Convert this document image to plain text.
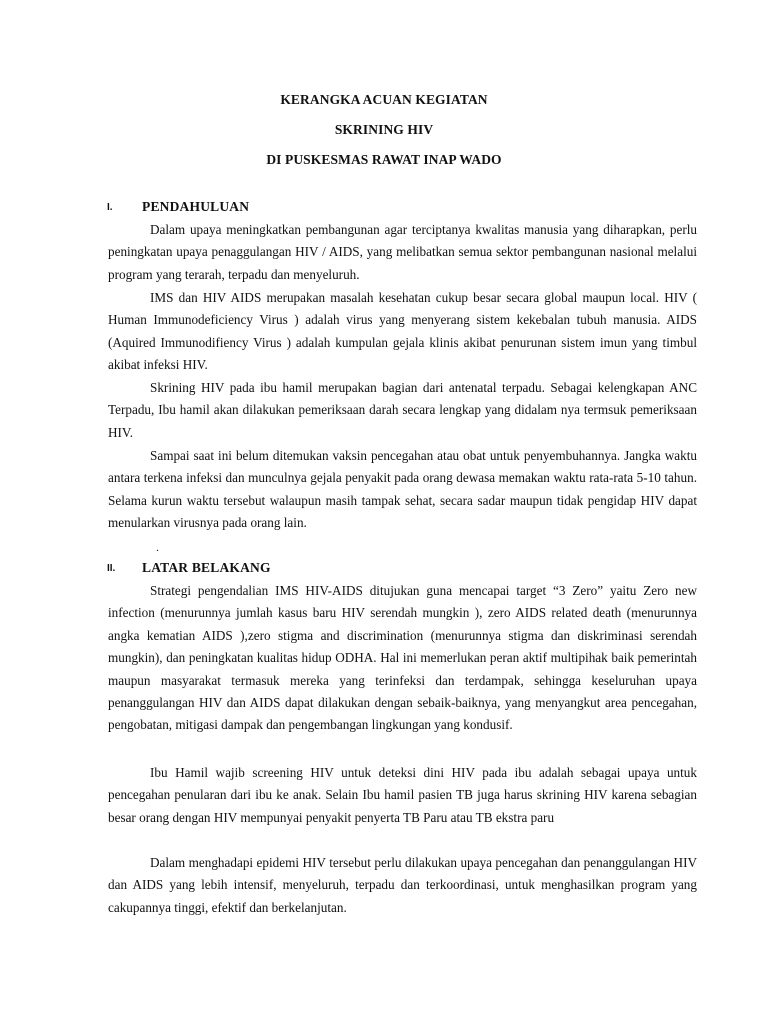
KERANGKA ACUAN KEGIATAN
SKRINING HIV
DI PUSKESMAS RAWAT INAP WADO
I. PENDAHULUAN

Dalam upaya meningkatkan pembangunan agar terciptanya kwalitas manusia yang diharapkan, perlu peningkatan upaya penaggulangan HIV / AIDS, yang melibatkan semua sektor pembangunan nasional melalui program yang terarah, terpadu dan menyeluruh.

IMS dan HIV AIDS merupakan masalah kesehatan cukup besar secara global maupun local. HIV ( Human Immunodeficiency Virus ) adalah virus yang menyerang sistem kekebalan tubuh manusia. AIDS (Aquired Immunodifiency Virus ) adalah kumpulan gejala klinis akibat penurunan sistem imun yang timbul akibat infeksi HIV.

Skrining HIV pada ibu hamil merupakan bagian dari antenatal terpadu. Sebagai kelengkapan ANC Terpadu, Ibu hamil akan dilakukan pemeriksaan darah secara lengkap yang didalam nya termsuk pemeriksaan HIV.

Sampai saat ini belum ditemukan vaksin pencegahan atau obat untuk penyembuhannya. Jangka waktu antara terkena infeksi dan munculnya gejala penyakit pada orang dewasa memakan waktu rata-rata 5-10 tahun. Selama kurun waktu tersebut walaupun masih tampak sehat, secara sadar maupun tidak pengidap HIV dapat menularkan virusnya pada orang lain.

.
II. LATAR BELAKANG

Strategi pengendalian IMS HIV-AIDS ditujukan guna mencapai target “3 Zero” yaitu Zero new infection (menurunnya jumlah kasus baru HIV serendah mungkin ), zero AIDS related death (menurunnya angka kematian AIDS ),zero stigma and discrimination (menurunnya stigma dan diskriminasi serendah mungkin), dan peningkatan kualitas hidup ODHA. Hal ini memerlukan peran aktif multipihak baik pemerintah maupun masyarakat termasuk mereka yang terinfeksi dan terdampak, sehingga keseluruhan upaya penanggulangan HIV dan AIDS dapat dilakukan dengan sebaik-baiknya, yang menyangkut area pencegahan, pengobatan, mitigasi dampak dan pengembangan lingkungan yang kondusif.

Ibu Hamil wajib screening HIV untuk deteksi dini HIV pada ibu adalah sebagai upaya untuk pencegahan penularan dari ibu ke anak. Selain Ibu hamil pasien TB juga harus skrining HIV karena sebagian besar orang dengan HIV mempunyai penyakit penyerta TB Paru atau TB ekstra paru

Dalam menghadapi epidemi HIV tersebut perlu dilakukan upaya pencegahan dan penanggulangan HIV dan AIDS yang lebih intensif, menyeluruh, terpadu dan terkoordinasi, untuk menghasilkan program yang cakupannya tinggi, efektif dan berkelanjutan.
